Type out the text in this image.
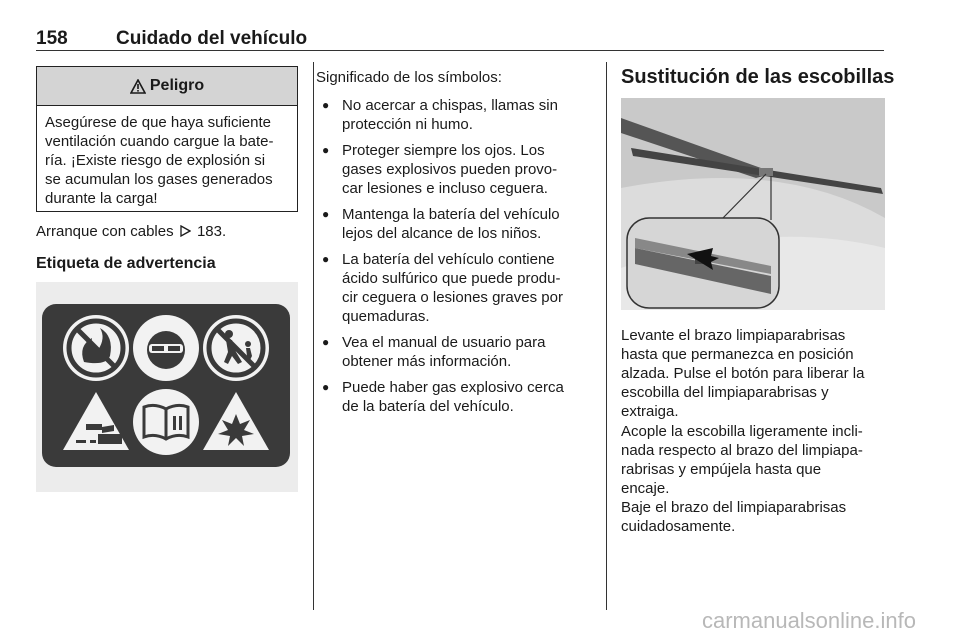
158	Cuidado del vehículo
Peligro
Asegúrese de que haya suficiente
ventilación cuando cargue la bate-
ría. ¡Existe riesgo de explosión si
se acumulan los gases generados
durante la carga!
Arranque con cables 183.
Etiqueta de advertencia
Significado de los símbolos:
● No acercar a chispas, llamas sin
protección ni humo.
● Proteger siempre los ojos. Los
gases explosivos pueden provo-
car lesiones e incluso ceguera.
● Mantenga la batería del vehículo
lejos del alcance de los niños.
● La batería del vehículo contiene
ácido sulfúrico que puede produ-
cir ceguera o lesiones graves por
quemaduras.
● Vea el manual de usuario para
obtener más información.
● Puede haber gas explosivo cerca
de la batería del vehículo.
Sustitución de las escobillas
Levante el brazo limpiaparabrisas
hasta que permanezca en posición
alzada. Pulse el botón para liberar la
escobilla del limpiaparabrisas y
extraiga.
Acople la escobilla ligeramente incli-
nada respecto al brazo del limpiapa-
rabrisas y empújela hasta que
encaje.
Baje el brazo del limpiaparabrisas
cuidadosamente.
carmanualsonline.info
